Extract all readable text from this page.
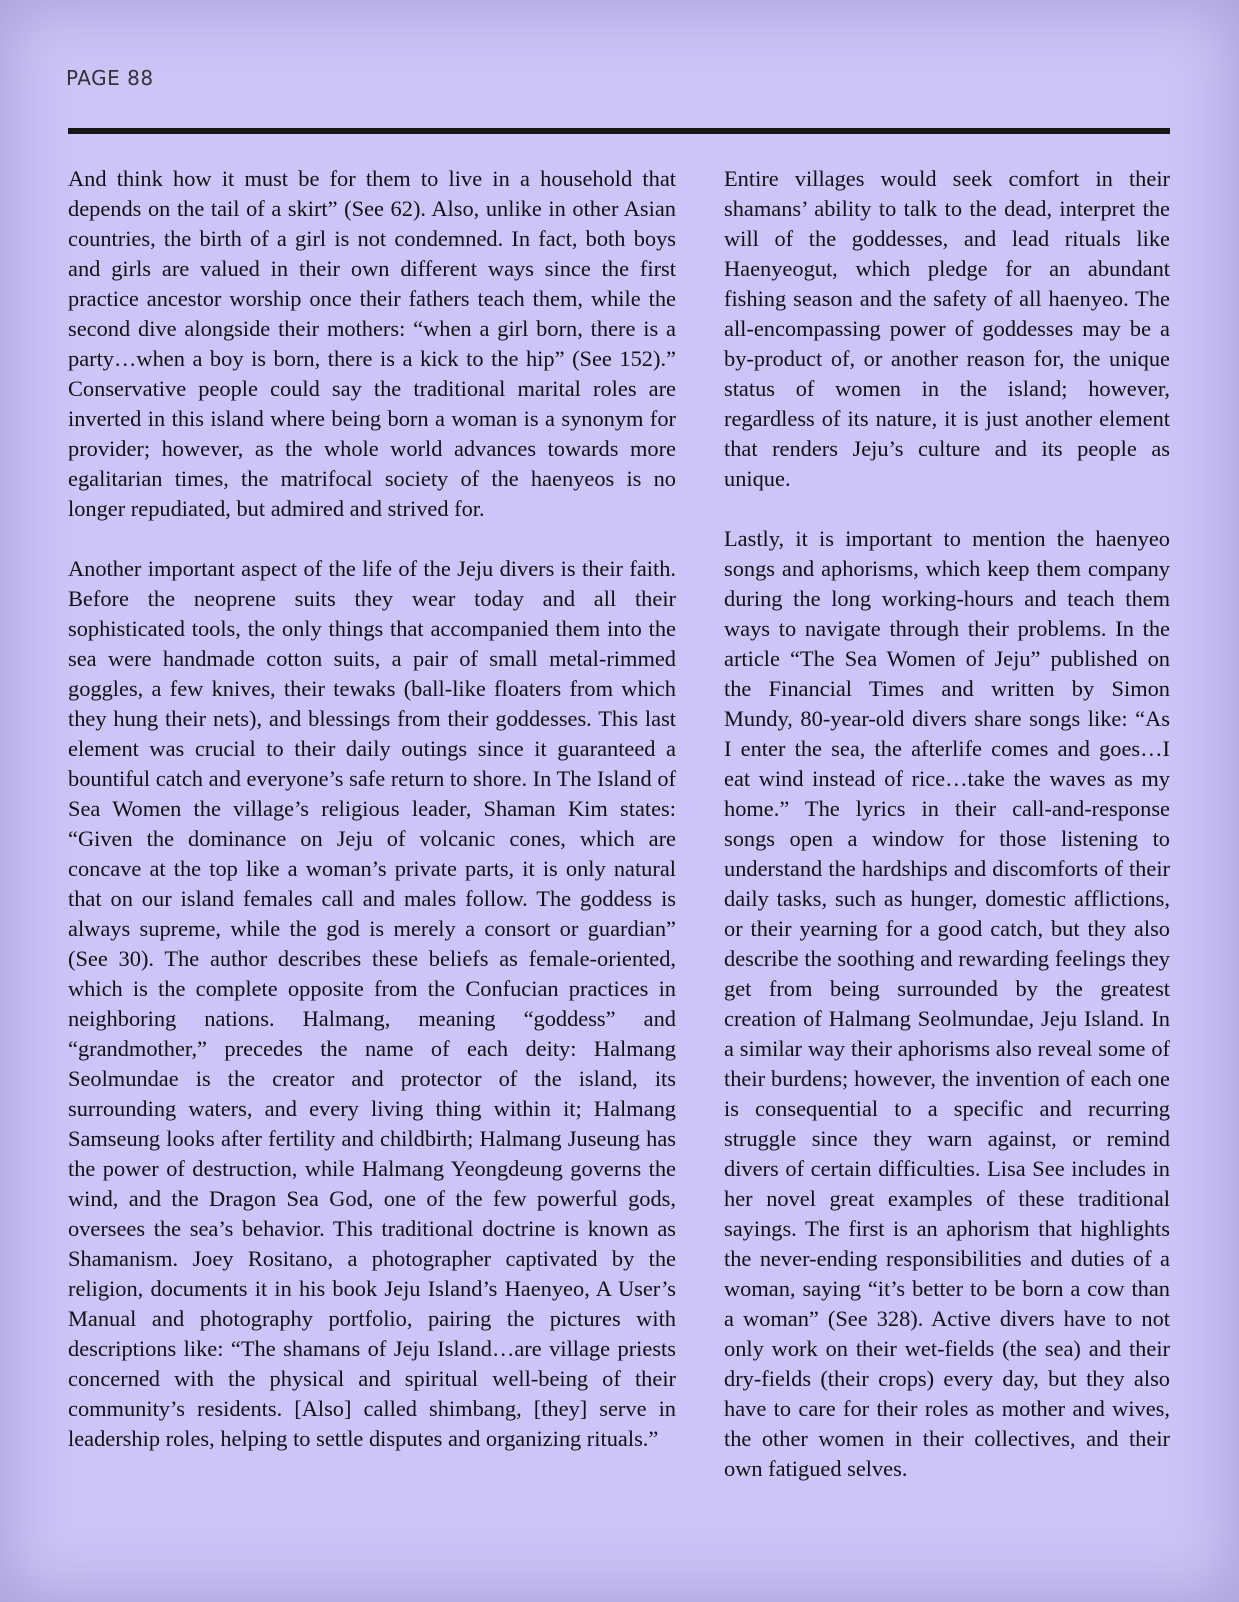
PAGE 88

And think how it must be for them to live in a household that depends on the tail of a skirt” (See 62). Also, unlike in other Asian countries, the birth of a girl is not condemned. In fact, both boys and girls are valued in their own different ways since the first practice ancestor worship once their fathers teach them, while the second dive alongside their mothers: “when a girl born, there is a party…when a boy is born, there is a kick to the hip” (See 152).” Conservative people could say the traditional marital roles are inverted in this island where being born a woman is a synonym for provider; however, as the whole world advances towards more egalitarian times, the matrifocal society of the haenyeos is no longer repudiated, but admired and strived for.

Another important aspect of the life of the Jeju divers is their faith. Before the neoprene suits they wear today and all their sophisticated tools, the only things that accompanied them into the sea were handmade cotton suits, a pair of small metal-rimmed goggles, a few knives, their tewaks (ball-like floaters from which they hung their nets), and blessings from their goddesses. This last element was crucial to their daily outings since it guaranteed a bountiful catch and everyone’s safe return to shore. In The Island of Sea Women the village’s religious leader, Shaman Kim states: “Given the dominance on Jeju of volcanic cones, which are concave at the top like a woman’s private parts, it is only natural that on our island females call and males follow. The goddess is always supreme, while the god is merely a consort or guardian” (See 30). The author describes these beliefs as female-oriented, which is the complete opposite from the Confucian practices in neighboring nations. Halmang, meaning “goddess” and “grandmother,” precedes the name of each deity: Halmang Seolmundae is the creator and protector of the island, its surrounding waters, and every living thing within it; Halmang Samseung looks after fertility and childbirth; Halmang Juseung has the power of destruction, while Halmang Yeongdeung governs the wind, and the Dragon Sea God, one of the few powerful gods, oversees the sea’s behavior. This traditional doctrine is known as Shamanism. Joey Rositano, a photographer captivated by the religion, documents it in his book Jeju Island’s Haenyeo, A User’s Manual and photography portfolio, pairing the pictures with descriptions like: “The shamans of Jeju Island…are village priests concerned with the physical and spiritual well-being of their community’s residents. [Also] called shimbang, [they] serve in leadership roles, helping to settle disputes and organizing rituals.”

Entire villages would seek comfort in their shamans’ ability to talk to the dead, interpret the will of the goddesses, and lead rituals like Haenyeogut, which pledge for an abundant fishing season and the safety of all haenyeo. The all-encompassing power of goddesses may be a by-product of, or another reason for, the unique status of women in the island; however, regardless of its nature, it is just another element that renders Jeju’s culture and its people as unique.

Lastly, it is important to mention the haenyeo songs and aphorisms, which keep them company during the long working-hours and teach them ways to navigate through their problems. In the article “The Sea Women of Jeju” published on the Financial Times and written by Simon Mundy, 80-year-old divers share songs like: “As I enter the sea, the afterlife comes and goes…I eat wind instead of rice…take the waves as my home.” The lyrics in their call-and-response songs open a window for those listening to understand the hardships and discomforts of their daily tasks, such as hunger, domestic afflictions, or their yearning for a good catch, but they also describe the soothing and rewarding feelings they get from being surrounded by the greatest creation of Halmang Seolmundae, Jeju Island. In a similar way their aphorisms also reveal some of their burdens; however, the invention of each one is consequential to a specific and recurring struggle since they warn against, or remind divers of certain difficulties. Lisa See includes in her novel great examples of these traditional sayings. The first is an aphorism that highlights the never-ending responsibilities and duties of a woman, saying “it’s better to be born a cow than a woman” (See 328). Active divers have to not only work on their wet-fields (the sea) and their dry-fields (their crops) every day, but they also have to care for their roles as mother and wives, the other women in their collectives, and their own fatigued selves.
